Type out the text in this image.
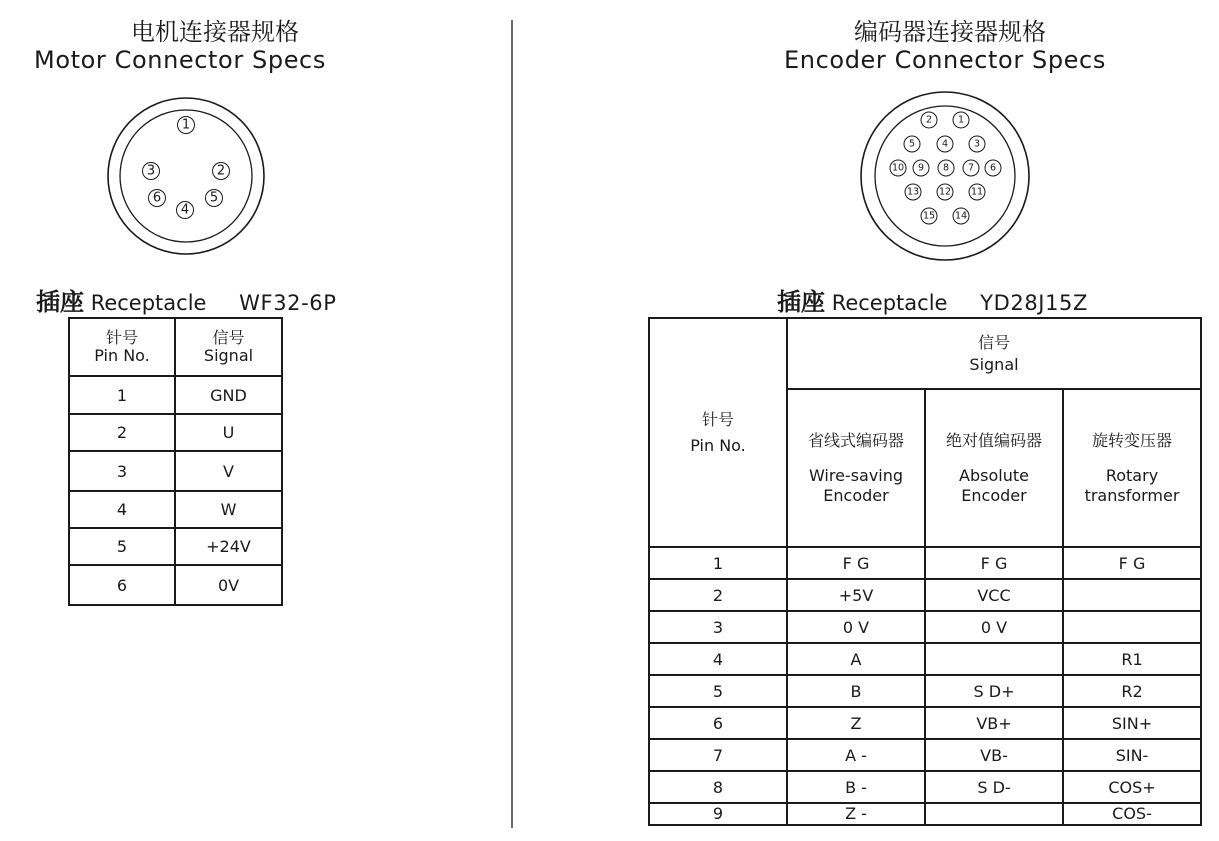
电机连接器规格
Motor Connector Specs
1
2
3
4
5
6
插座 Receptacle WF32-6P
针号
Pin No.	信号
Signal

1	GND
2	U
3	V
4	W
5	+24V
6	0V
编码器连接器规格
Encoder Connector Specs
1
2
3
4
5
6
7
8
9
10
11
12
13
14
15
插座 Receptacle YD28J15Z
针号
Pin No.	信号
Signal		

	省线式编码器
Wire-saving Encoder	绝对值编码器
Absolute Encoder	旋转变压器
Rotary transformer

1	F G	F G	F G
2	+5V	VCC	
3	0 V	0 V	
4	A		R1
5	B	S D+	R2
6	Z	VB+	SIN+
7	A -	VB-	SIN-
8	B -	S D-	COS+
9	Z -		COS-
